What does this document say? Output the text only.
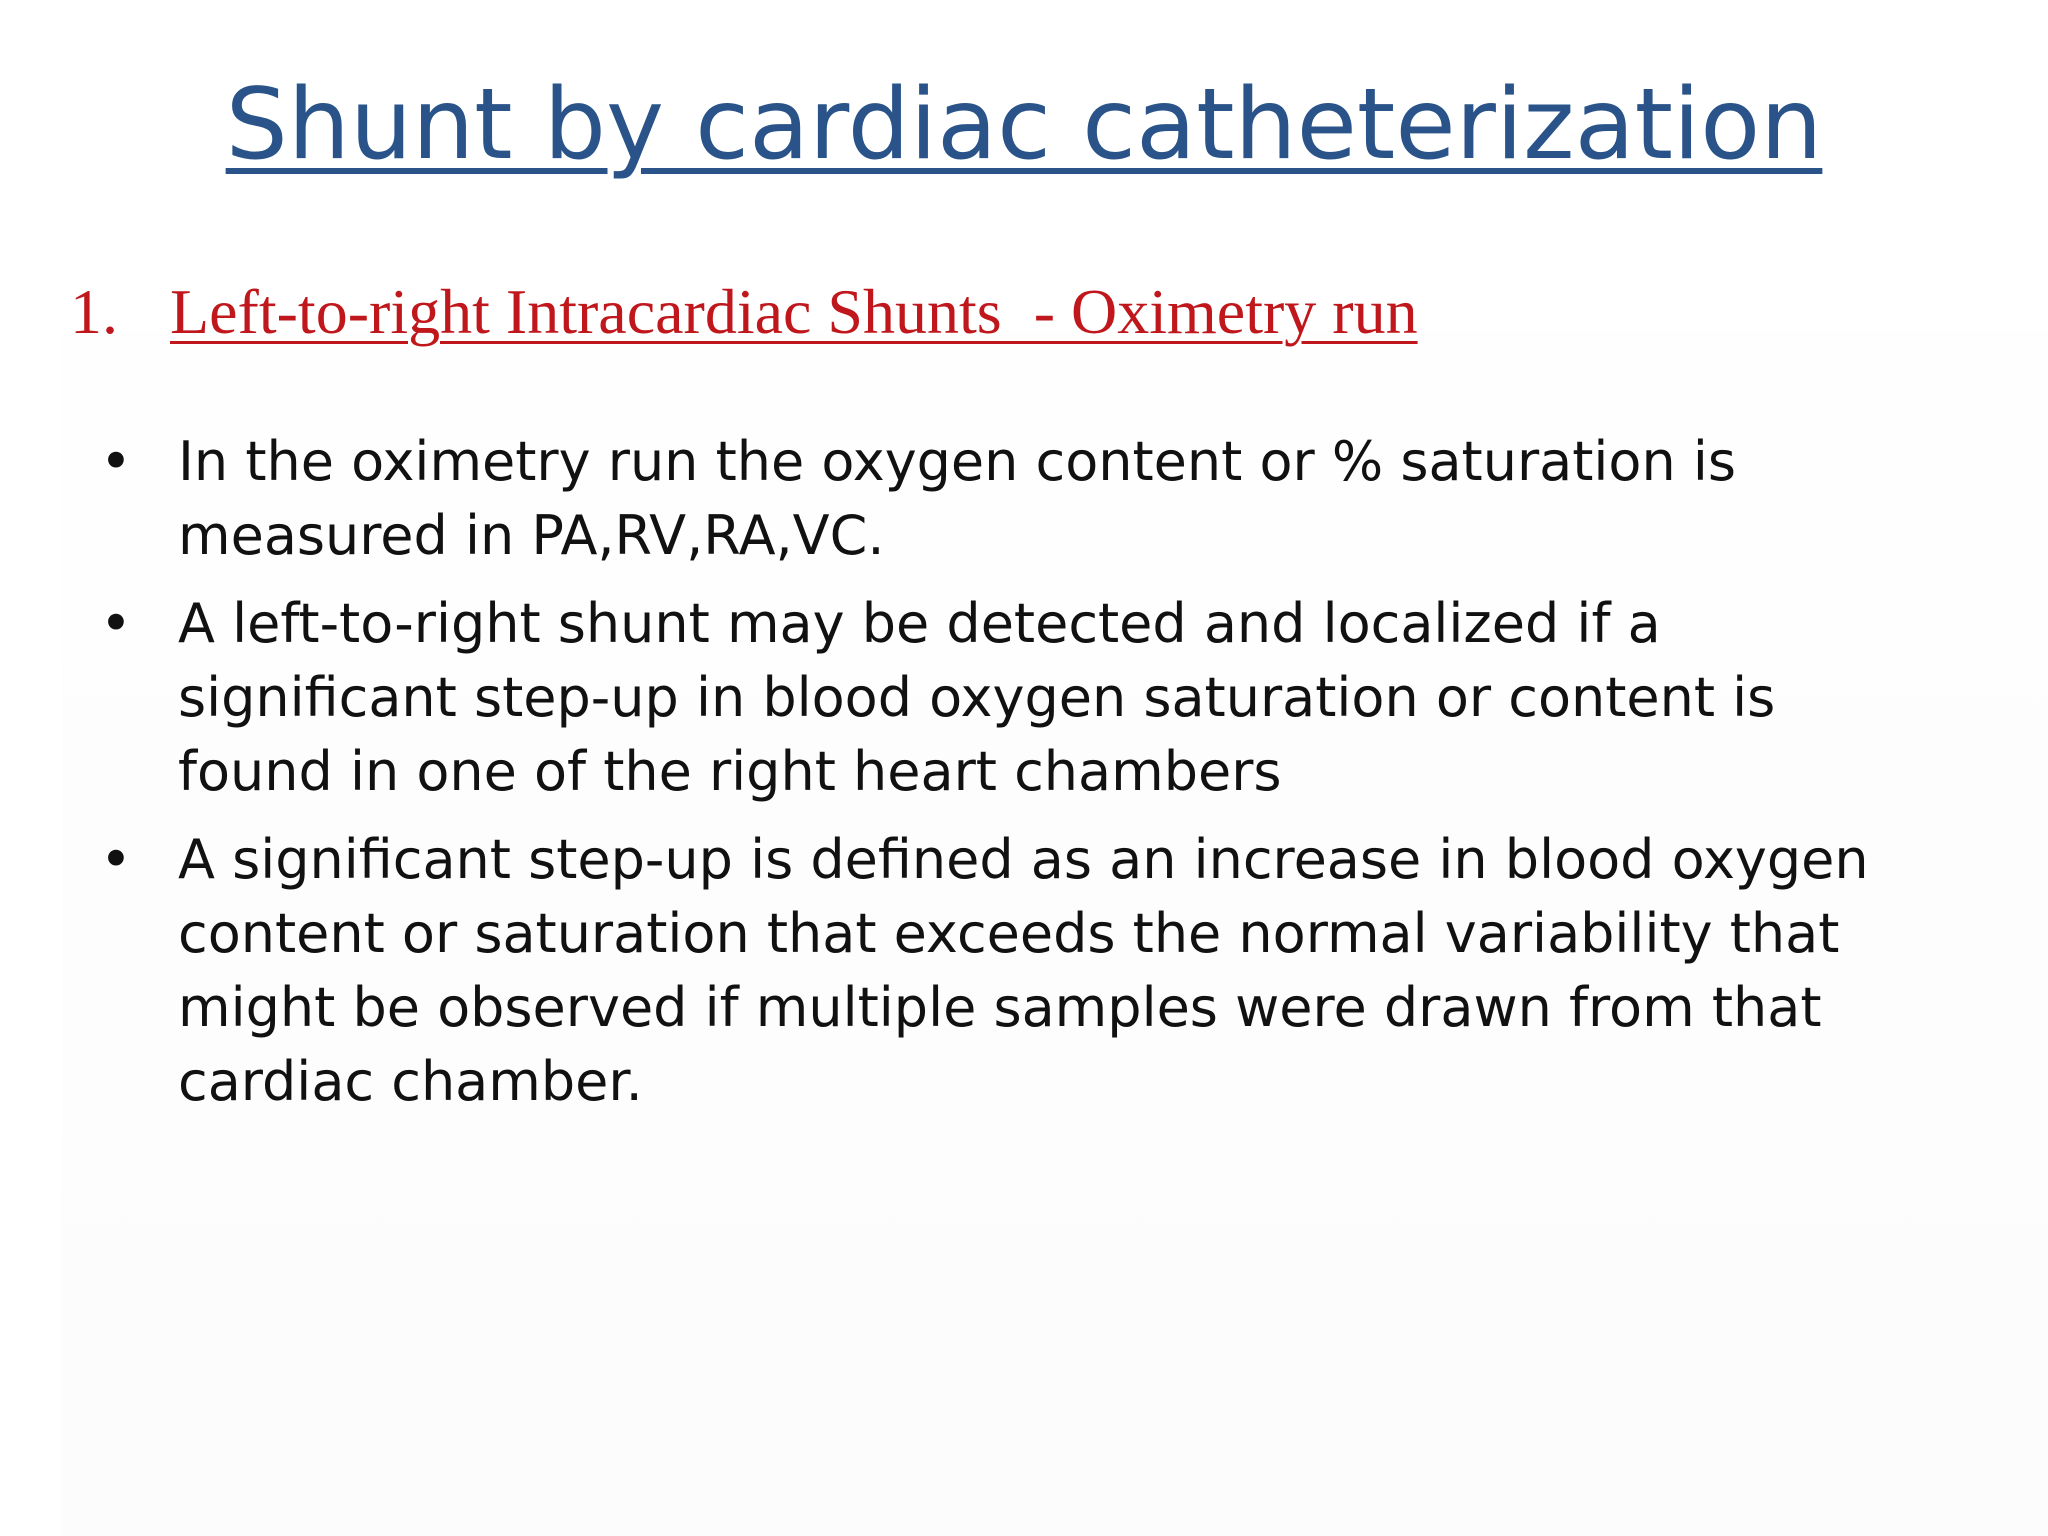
Shunt by cardiac catheterization
1. Left-to-right Intracardiac Shunts  - Oximetry run
• In the oximetry run the oxygen content or % saturation is
measured in PA,RV,RA,VC.
• A left-to-right shunt may be detected and localized if a
significant step-up in blood oxygen saturation or content is
found in one of the right heart chambers
• A significant step-up is defined as an increase in blood oxygen
content or saturation that exceeds the normal variability that
might be observed if multiple samples were drawn from that
cardiac chamber.
